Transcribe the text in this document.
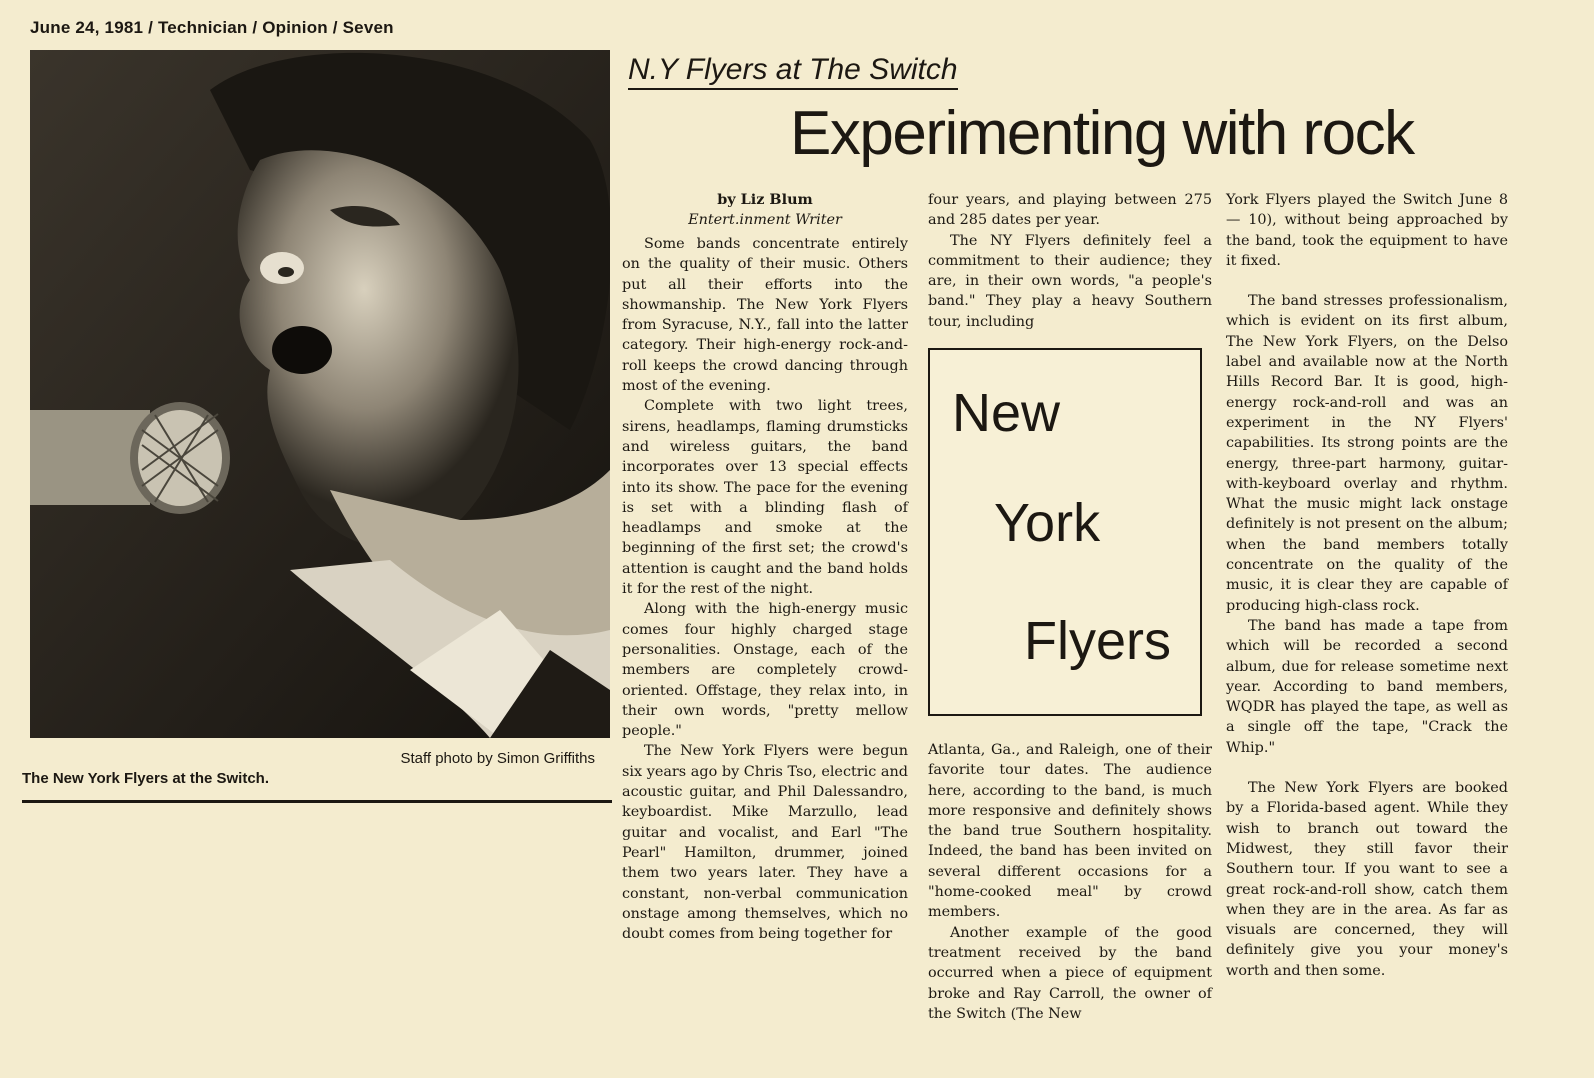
June 24, 1981 / Technician / Opinion / Seven
Staff photo by Simon Griffiths
The New York Flyers at the Switch.
N.Y Flyers at The Switch
Experimenting with rock
by Liz Blum
Entert.inment Writer

Some bands concentrate entirely on the quality of their music. Others put all their efforts into the showmanship. The New York Flyers from Syracuse, N.Y., fall into the latter category. Their high-energy rock-and-roll keeps the crowd dancing through most of the evening.

Complete with two light trees, sirens, headlamps, flaming drumsticks and wireless guitars, the band incorporates over 13 special effects into its show. The pace for the evening is set with a blinding flash of headlamps and smoke at the beginning of the first set; the crowd's attention is caught and the band holds it for the rest of the night.

Along with the high-energy music comes four highly charged stage personalities. Onstage, each of the members are completely crowd-oriented. Offstage, they relax into, in their own words, "pretty mellow people."

The New York Flyers were begun six years ago by Chris Tso, electric and acoustic guitar, and Phil Dalessandro, keyboardist. Mike Marzullo, lead guitar and vocalist, and Earl "The Pearl" Hamilton, drummer, joined them two years later. They have a constant, non-verbal communication onstage among themselves, which no doubt comes from being together for

four years, and playing between 275 and 285 dates per year.

The NY Flyers definitely feel a commitment to their audience; they are, in their own words, "a people's band." They play a heavy Southern tour, including

New
York
Flyers

Atlanta, Ga., and Raleigh, one of their favorite tour dates. The audience here, according to the band, is much more responsive and definitely shows the band true Southern hospitality. Indeed, the band has been invited on several different occasions for a "home-cooked meal" by crowd members.

Another example of the good treatment received by the band occurred when a piece of equipment broke and Ray Carroll, the owner of the Switch (The New

York Flyers played the Switch June 8 — 10), without being approached by the band, took the equipment to have it fixed.

The band stresses professionalism, which is evident on its first album, The New York Flyers, on the Delso label and available now at the North Hills Record Bar. It is good, high-energy rock-and-roll and was an experiment in the NY Flyers' capabilities. Its strong points are the energy, three-part harmony, guitar-with-keyboard overlay and rhythm. What the music might lack onstage definitely is not present on the album; when the band members totally concentrate on the quality of the music, it is clear they are capable of producing high-class rock.

The band has made a tape from which will be recorded a second album, due for release sometime next year. According to band members, WQDR has played the tape, as well as a single off the tape, "Crack the Whip."

The New York Flyers are booked by a Florida-based agent. While they wish to branch out toward the Midwest, they still favor their Southern tour. If you want to see a great rock-and-roll show, catch them when they are in the area. As far as visuals are concerned, they will definitely give you your money's worth and then some.
